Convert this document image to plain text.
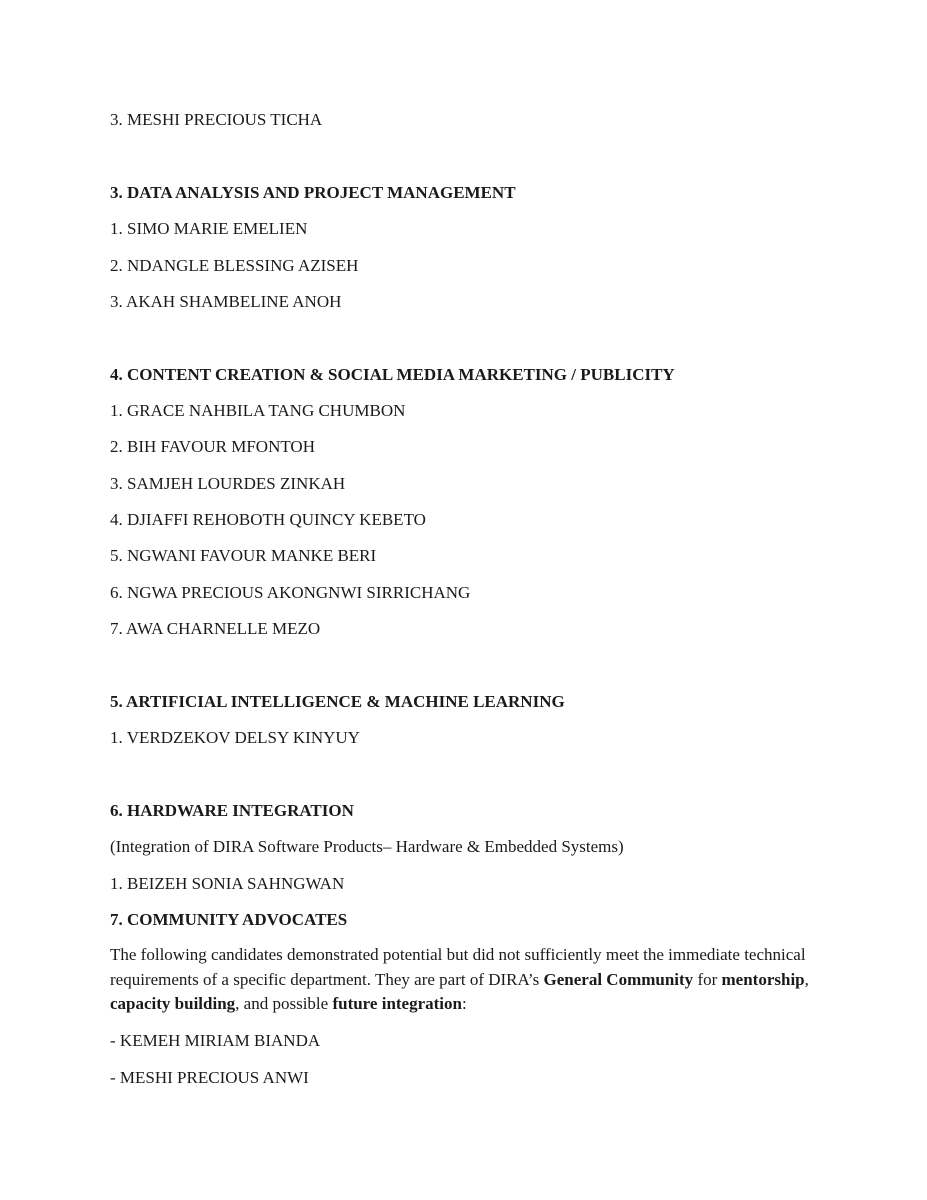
3. MESHI PRECIOUS TICHA
3. DATA ANALYSIS AND PROJECT MANAGEMENT
1. SIMO MARIE EMELIEN
2. NDANGLE BLESSING AZISEH
3. AKAH SHAMBELINE ANOH
4. CONTENT CREATION & SOCIAL MEDIA MARKETING / PUBLICITY
1. GRACE NAHBILA TANG CHUMBON
2. BIH FAVOUR MFONTOH
3. SAMJEH LOURDES ZINKAH
4. DJIAFFI REHOBOTH QUINCY KEBETO
5. NGWANI FAVOUR MANKE BERI
6. NGWA PRECIOUS AKONGNWI SIRRICHANG
7. AWA CHARNELLE MEZO
5. ARTIFICIAL INTELLIGENCE & MACHINE LEARNING
1. VERDZEKOV DELSY KINYUY
6. HARDWARE INTEGRATION
(Integration of DIRA Software Products– Hardware & Embedded Systems)
1. BEIZEH SONIA SAHNGWAN
7. COMMUNITY ADVOCATES
The following candidates demonstrated potential but did not sufficiently meet the immediate technical requirements of a specific department. They are part of DIRA’s General Community for mentorship, capacity building, and possible future integration:
- KEMEH MIRIAM BIANDA
- MESHI PRECIOUS ANWI
